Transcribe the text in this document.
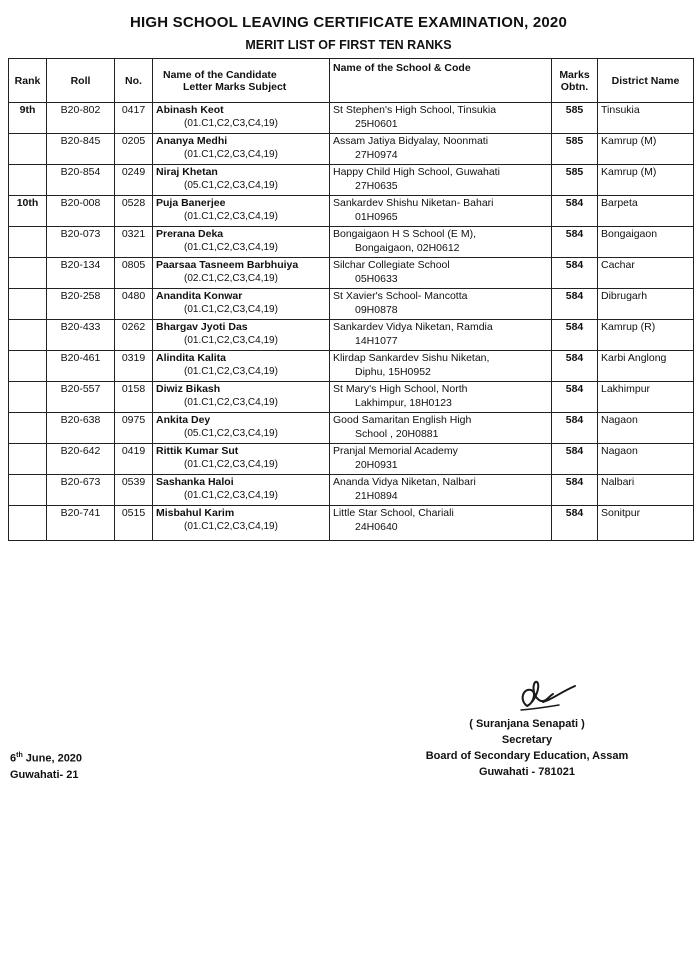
HIGH SCHOOL LEAVING CERTIFICATE EXAMINATION, 2020
MERIT LIST OF FIRST TEN RANKS
Rank	Roll	No.	Name of the Candidate
Letter Marks Subject	Name of the School & Code	Marks
Obtn.	District Name
9th	B20-802	0417	Abinash Keot
(01.C1,C2,C3,C4,19)	St Stephen's High School, Tinsukia
25H0601	585	Tinsukia
	B20-845	0205	Ananya Medhi
(01.C1,C2,C3,C4,19)	Assam Jatiya Bidyalay, Noonmati
27H0974	585	Kamrup (M)
	B20-854	0249	Niraj Khetan
(05.C1,C2,C3,C4,19)	Happy Child High School, Guwahati
27H0635	585	Kamrup (M)
10th	B20-008	0528	Puja Banerjee
(01.C1,C2,C3,C4,19)	Sankardev Shishu Niketan- Bahari
01H0965	584	Barpeta
	B20-073	0321	Prerana Deka
(01.C1,C2,C3,C4,19)	Bongaigaon H S School (E M),
Bongaigaon, 02H0612	584	Bongaigaon
	B20-134	0805	Paarsaa Tasneem Barbhuiya
(02.C1,C2,C3,C4,19)	Silchar Collegiate School
05H0633	584	Cachar
	B20-258	0480	Anandita Konwar
(01.C1,C2,C3,C4,19)	St Xavier's School- Mancotta
09H0878	584	Dibrugarh
	B20-433	0262	Bhargav Jyoti Das
(01.C1,C2,C3,C4,19)	Sankardev Vidya Niketan, Ramdia
14H1077	584	Kamrup (R)
	B20-461	0319	Alindita Kalita
(01.C1,C2,C3,C4,19)	Klirdap Sankardev Sishu Niketan,
Diphu, 15H0952	584	Karbi Anglong
	B20-557	0158	Diwiz Bikash
(01.C1,C2,C3,C4,19)	St Mary's High School, North
Lakhimpur, 18H0123	584	Lakhimpur
	B20-638	0975	Ankita Dey
(05.C1,C2,C3,C4,19)	Good Samaritan English High
School , 20H0881	584	Nagaon
	B20-642	0419	Rittik Kumar Sut
(01.C1,C2,C3,C4,19)	Pranjal Memorial Academy
20H0931	584	Nagaon
	B20-673	0539	Sashanka Haloi
(01.C1,C2,C3,C4,19)	Ananda Vidya Niketan, Nalbari
21H0894	584	Nalbari
	B20-741	0515	Misbahul Karim
(01.C1,C2,C3,C4,19)	Little Star School, Chariali
24H0640	584	Sonitpur
( Suranjana Senapati )
Secretary
Board of Secondary Education, Assam
Guwahati - 781021
6th June, 2020
Guwahati- 21
